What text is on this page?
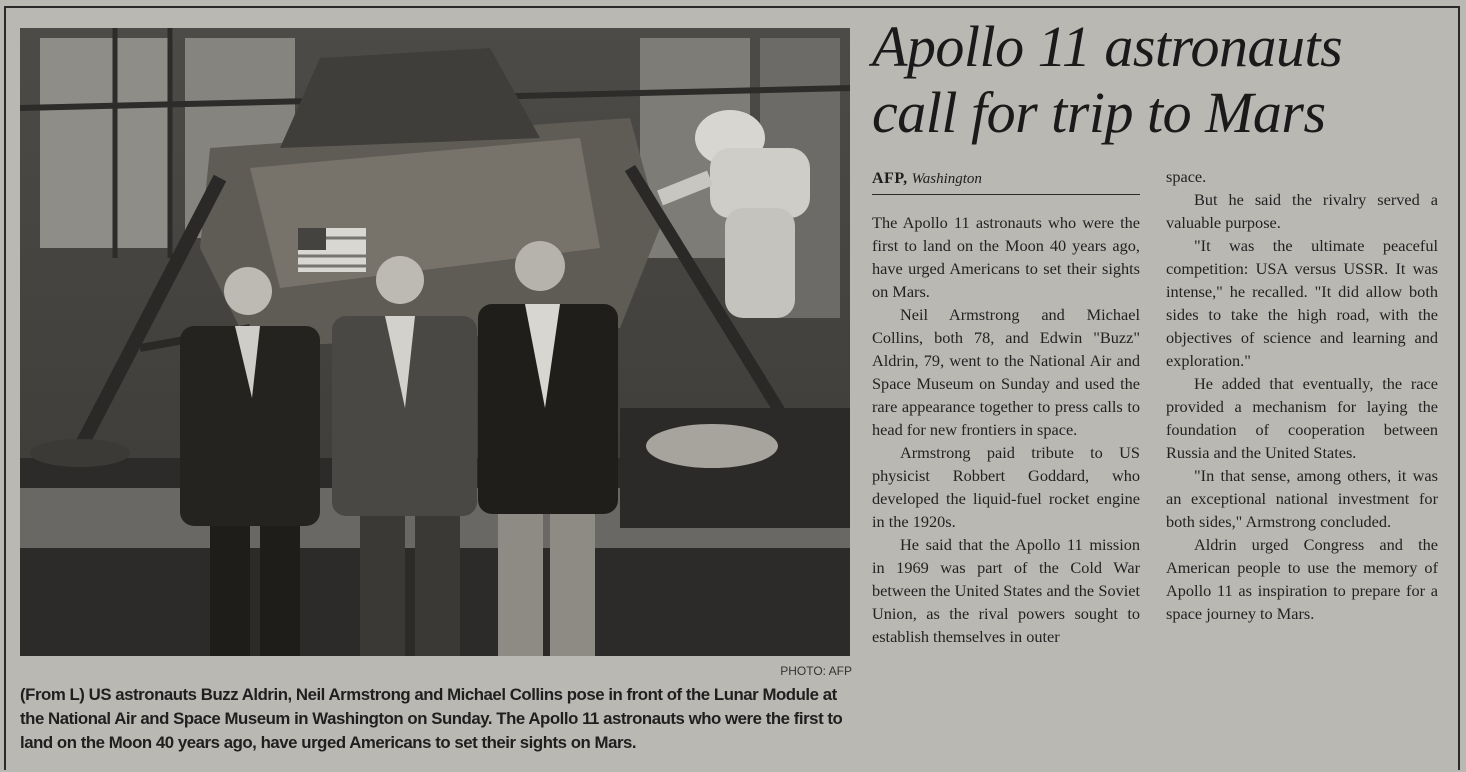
PHOTO: AFP
(From L) US astronauts Buzz Aldrin, Neil Armstrong and Michael Collins pose in front of the Lunar Module at the National Air and Space Museum in Washington on Sunday. The Apollo 11 astronauts who were the first to land on the Moon 40 years ago, have urged Americans to set their sights on Mars.
Apollo 11 astronauts
call for trip to Mars
AFP, Washington

The Apollo 11 astronauts who were the first to land on the Moon 40 years ago, have urged Americans to set their sights on Mars.

Neil Armstrong and Michael Collins, both 78, and Edwin "Buzz" Aldrin, 79, went to the National Air and Space Museum on Sunday and used the rare appearance together to press calls to head for new frontiers in space.

Armstrong paid tribute to US physicist Robbert Goddard, who developed the liquid-fuel rocket engine in the 1920s.

He said that the Apollo 11 mission in 1969 was part of the Cold War between the United States and the Soviet Union, as the rival powers sought to establish themselves in outer

space.

But he said the rivalry served a valuable purpose.

"It was the ultimate peaceful competition: USA versus USSR. It was intense," he recalled. "It did allow both sides to take the high road, with the objectives of science and learning and exploration."

He added that eventually, the race provided a mechanism for laying the foundation of cooperation between Russia and the United States.

"In that sense, among others, it was an exceptional national investment for both sides," Armstrong concluded.

Aldrin urged Congress and the American people to use the memory of Apollo 11 as inspiration to prepare for a space journey to Mars.
